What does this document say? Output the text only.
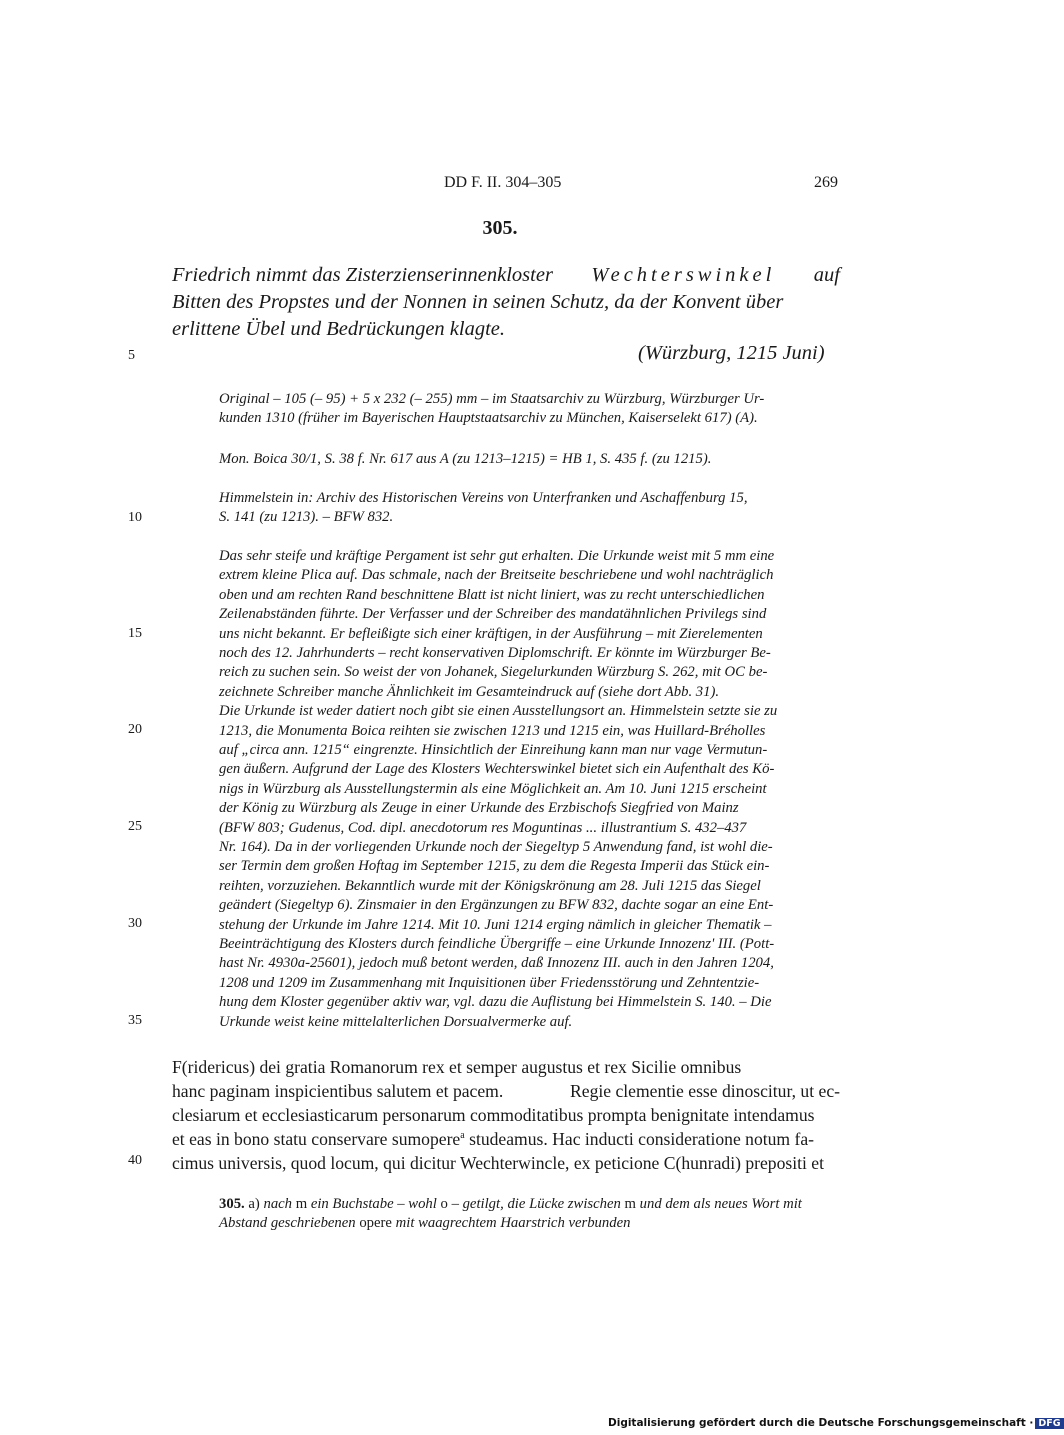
DD F. II. 304–305	269
305.
Friedrich nimmt das Zisterzienserinnenkloster Wechterswinkel auf
Bitten des Propstes und der Nonnen in seinen Schutz, da der Konvent über
erlittene Übel und Bedrückungen klagte.
(Würzburg, 1215 Juni)
5
10
15
20
25
30
35
40
Original – 105 (– 95) + 5 x 232 (– 255) mm – im Staatsarchiv zu Würzburg, Würzburger Ur-
kunden 1310 (früher im Bayerischen Hauptstaatsarchiv zu München, Kaiserselekt 617) (A).
Mon. Boica 30/1, S. 38 f. Nr. 617 aus A (zu 1213–1215) = HB 1, S. 435 f. (zu 1215).
Himmelstein in: Archiv des Historischen Vereins von Unterfranken und Aschaffenburg 15,
S. 141 (zu 1213). – BFW 832.
Das sehr steife und kräftige Pergament ist sehr gut erhalten. Die Urkunde weist mit 5 mm eine
extrem kleine Plica auf. Das schmale, nach der Breitseite beschriebene und wohl nachträglich
oben und am rechten Rand beschnittene Blatt ist nicht liniert, was zu recht unterschiedlichen
Zeilenabständen führte. Der Verfasser und der Schreiber des mandatähnlichen Privilegs sind
uns nicht bekannt. Er befleißigte sich einer kräftigen, in der Ausführung – mit Zierelementen
noch des 12. Jahrhunderts – recht konservativen Diplomschrift. Er könnte im Würzburger Be-
reich zu suchen sein. So weist der von Johanek, Siegelurkunden Würzburg S. 262, mit OC be-
zeichnete Schreiber manche Ähnlichkeit im Gesamteindruck auf (siehe dort Abb. 31).
Die Urkunde ist weder datiert noch gibt sie einen Ausstellungsort an. Himmelstein setzte sie zu
1213, die Monumenta Boica reihten sie zwischen 1213 und 1215 ein, was Huillard-Bréholles
auf „circa ann. 1215“ eingrenzte. Hinsichtlich der Einreihung kann man nur vage Vermutun-
gen äußern. Aufgrund der Lage des Klosters Wechterswinkel bietet sich ein Aufenthalt des Kö-
nigs in Würzburg als Ausstellungstermin als eine Möglichkeit an. Am 10. Juni 1215 erscheint
der König zu Würzburg als Zeuge in einer Urkunde des Erzbischofs Siegfried von Mainz
(BFW 803; Gudenus, Cod. dipl. anecdotorum res Moguntinas ... illustrantium S. 432–437
Nr. 164). Da in der vorliegenden Urkunde noch der Siegeltyp 5 Anwendung fand, ist wohl die-
ser Termin dem großen Hoftag im September 1215, zu dem die Regesta Imperii das Stück ein-
reihten, vorzuziehen. Bekanntlich wurde mit der Königskrönung am 28. Juli 1215 das Siegel
geändert (Siegeltyp 6). Zinsmaier in den Ergänzungen zu BFW 832, dachte sogar an eine Ent-
stehung der Urkunde im Jahre 1214. Mit 10. Juni 1214 erging nämlich in gleicher Thematik –
Beeinträchtigung des Klosters durch feindliche Übergriffe – eine Urkunde Innozenz' III. (Pott-
hast Nr. 4930a-25601), jedoch muß betont werden, daß Innozenz III. auch in den Jahren 1204,
1208 und 1209 im Zusammenhang mit Inquisitionen über Friedensstörung und Zehntentzie-
hung dem Kloster gegenüber aktiv war, vgl. dazu die Auflistung bei Himmelstein S. 140. – Die
Urkunde weist keine mittelalterlichen Dorsualvermerke auf.
F(ridericus) dei gratia Romanorum rex et semper augustus et rex Sicilie omnibus
hanc paginam inspicientibus salutem et pacem.	Regie clementie esse dinoscitur, ut ec-
clesiarum et ecclesiasticarum personarum commoditatibus prompta benignitate intendamus
et eas in bono statu conservare sumopere$^a$ studeamus. Hac inducti consideratione notum fa-
cimus universis, quod locum, qui dicitur Wechterwincle, ex peticione C(hunradi) prepositi et
305. a) nach m ein Buchstabe – wohl o – getilgt, die Lücke zwischen m und dem als neues Wort mit
Abstand geschriebenen opere mit waagrechtem Haarstrich verbunden
Digitalisierung gefördert durch die Deutsche Forschungsgemeinschaft · DFG
